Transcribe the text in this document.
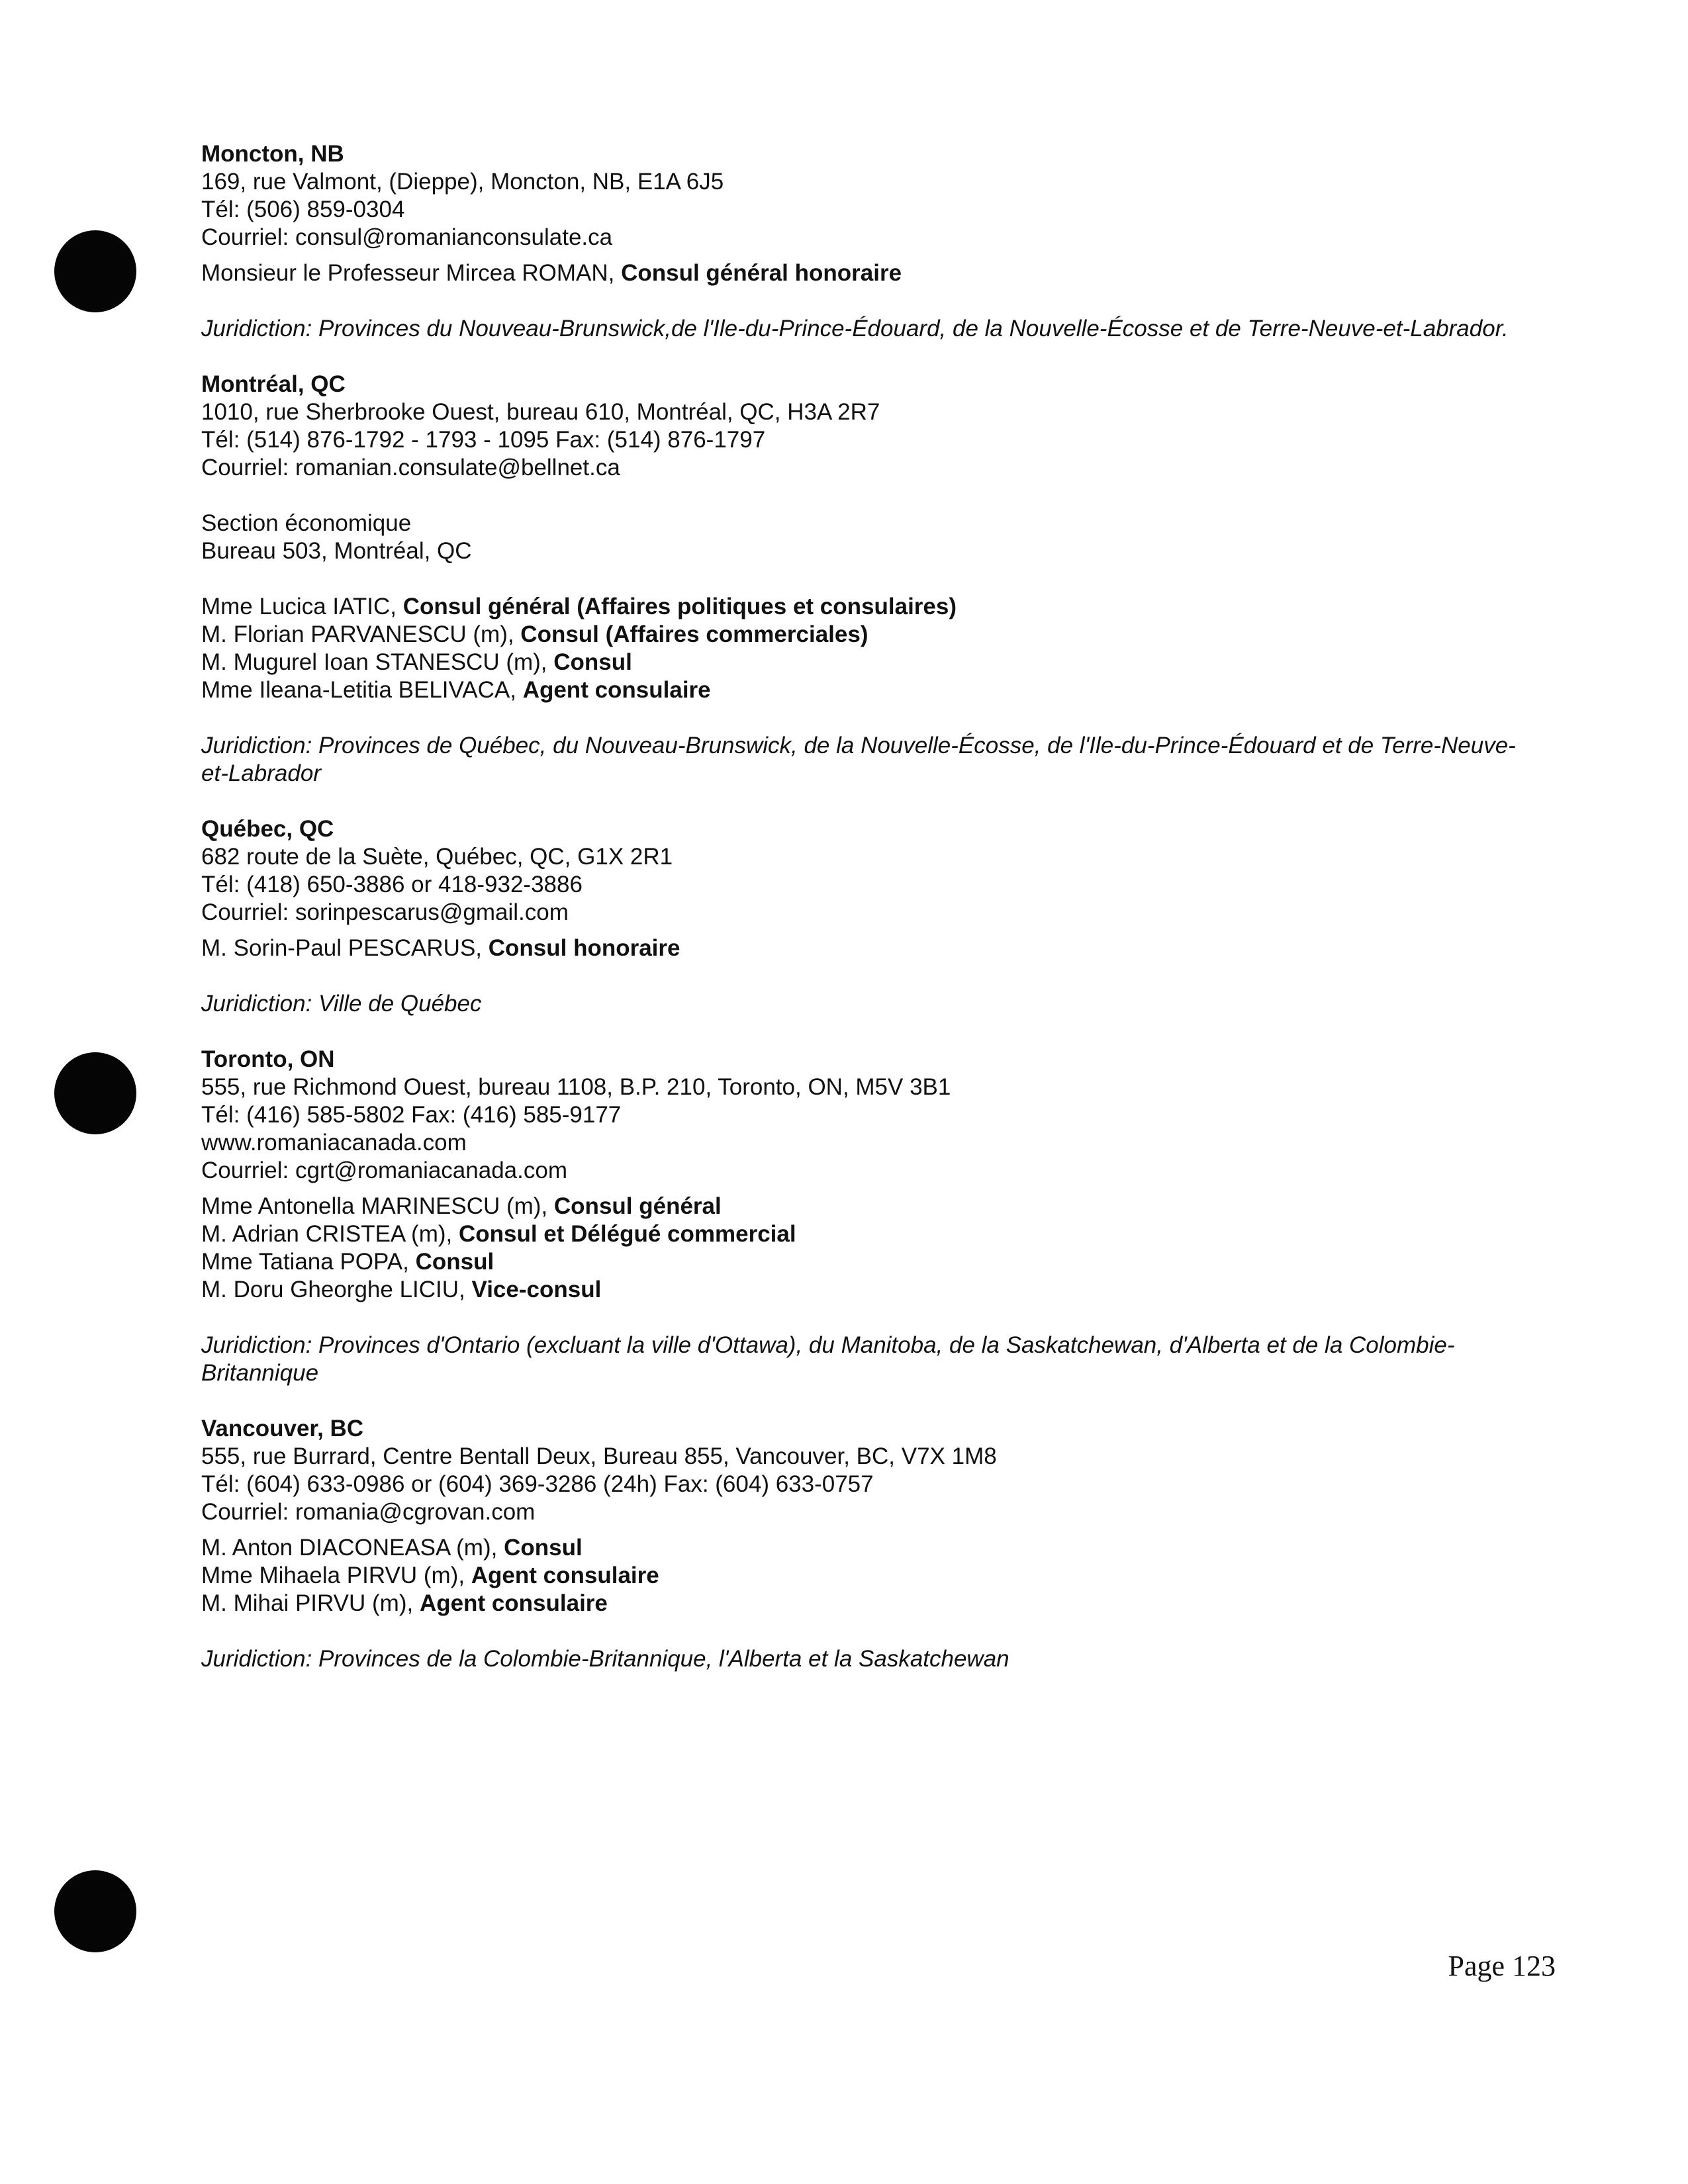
Moncton, NB
169, rue Valmont, (Dieppe), Moncton, NB, E1A 6J5
Tél: (506) 859-0304
Courriel: consul@romanianconsulate.ca
Monsieur le Professeur Mircea ROMAN, Consul général honoraire
Juridiction: Provinces du Nouveau-Brunswick,de l'Ile-du-Prince-Édouard, de la Nouvelle-Écosse et de Terre-Neuve-et-Labrador.
Montréal, QC
1010, rue Sherbrooke Ouest, bureau 610, Montréal, QC, H3A 2R7
Tél: (514) 876-1792 - 1793 - 1095 Fax: (514) 876-1797
Courriel: romanian.consulate@bellnet.ca
Section économique
Bureau 503, Montréal, QC
Mme Lucica IATIC, Consul général (Affaires politiques et consulaires)
M. Florian PARVANESCU (m), Consul (Affaires commerciales)
M. Mugurel Ioan STANESCU (m), Consul
Mme Ileana-Letitia BELIVACA, Agent consulaire
Juridiction: Provinces de Québec, du Nouveau-Brunswick, de la Nouvelle-Écosse, de l'Ile-du-Prince-Édouard et de Terre-Neuve-et-Labrador
Québec, QC
682 route de la Suète, Québec, QC, G1X 2R1
Tél: (418) 650-3886 or 418-932-3886
Courriel: sorinpescarus@gmail.com
M. Sorin-Paul PESCARUS, Consul honoraire
Juridiction: Ville de Québec
Toronto, ON
555, rue Richmond Ouest, bureau 1108, B.P. 210, Toronto, ON, M5V 3B1
Tél: (416) 585-5802 Fax: (416) 585-9177
www.romaniacanada.com
Courriel: cgrt@romaniacanada.com
Mme Antonella MARINESCU (m), Consul général
M. Adrian CRISTEA (m), Consul et Délégué commercial
Mme Tatiana POPA, Consul
M. Doru Gheorghe LICIU, Vice-consul
Juridiction: Provinces d'Ontario (excluant la ville d'Ottawa), du Manitoba, de la Saskatchewan, d'Alberta et de la Colombie-Britannique
Vancouver, BC
555, rue Burrard, Centre Bentall Deux, Bureau 855, Vancouver, BC, V7X 1M8
Tél: (604) 633-0986 or (604) 369-3286 (24h) Fax: (604) 633-0757
Courriel: romania@cgrovan.com
M. Anton DIACONEASA (m), Consul
Mme Mihaela PIRVU (m), Agent consulaire
M. Mihai PIRVU (m), Agent consulaire
Juridiction: Provinces de la Colombie-Britannique, l'Alberta et la Saskatchewan
Page 123
